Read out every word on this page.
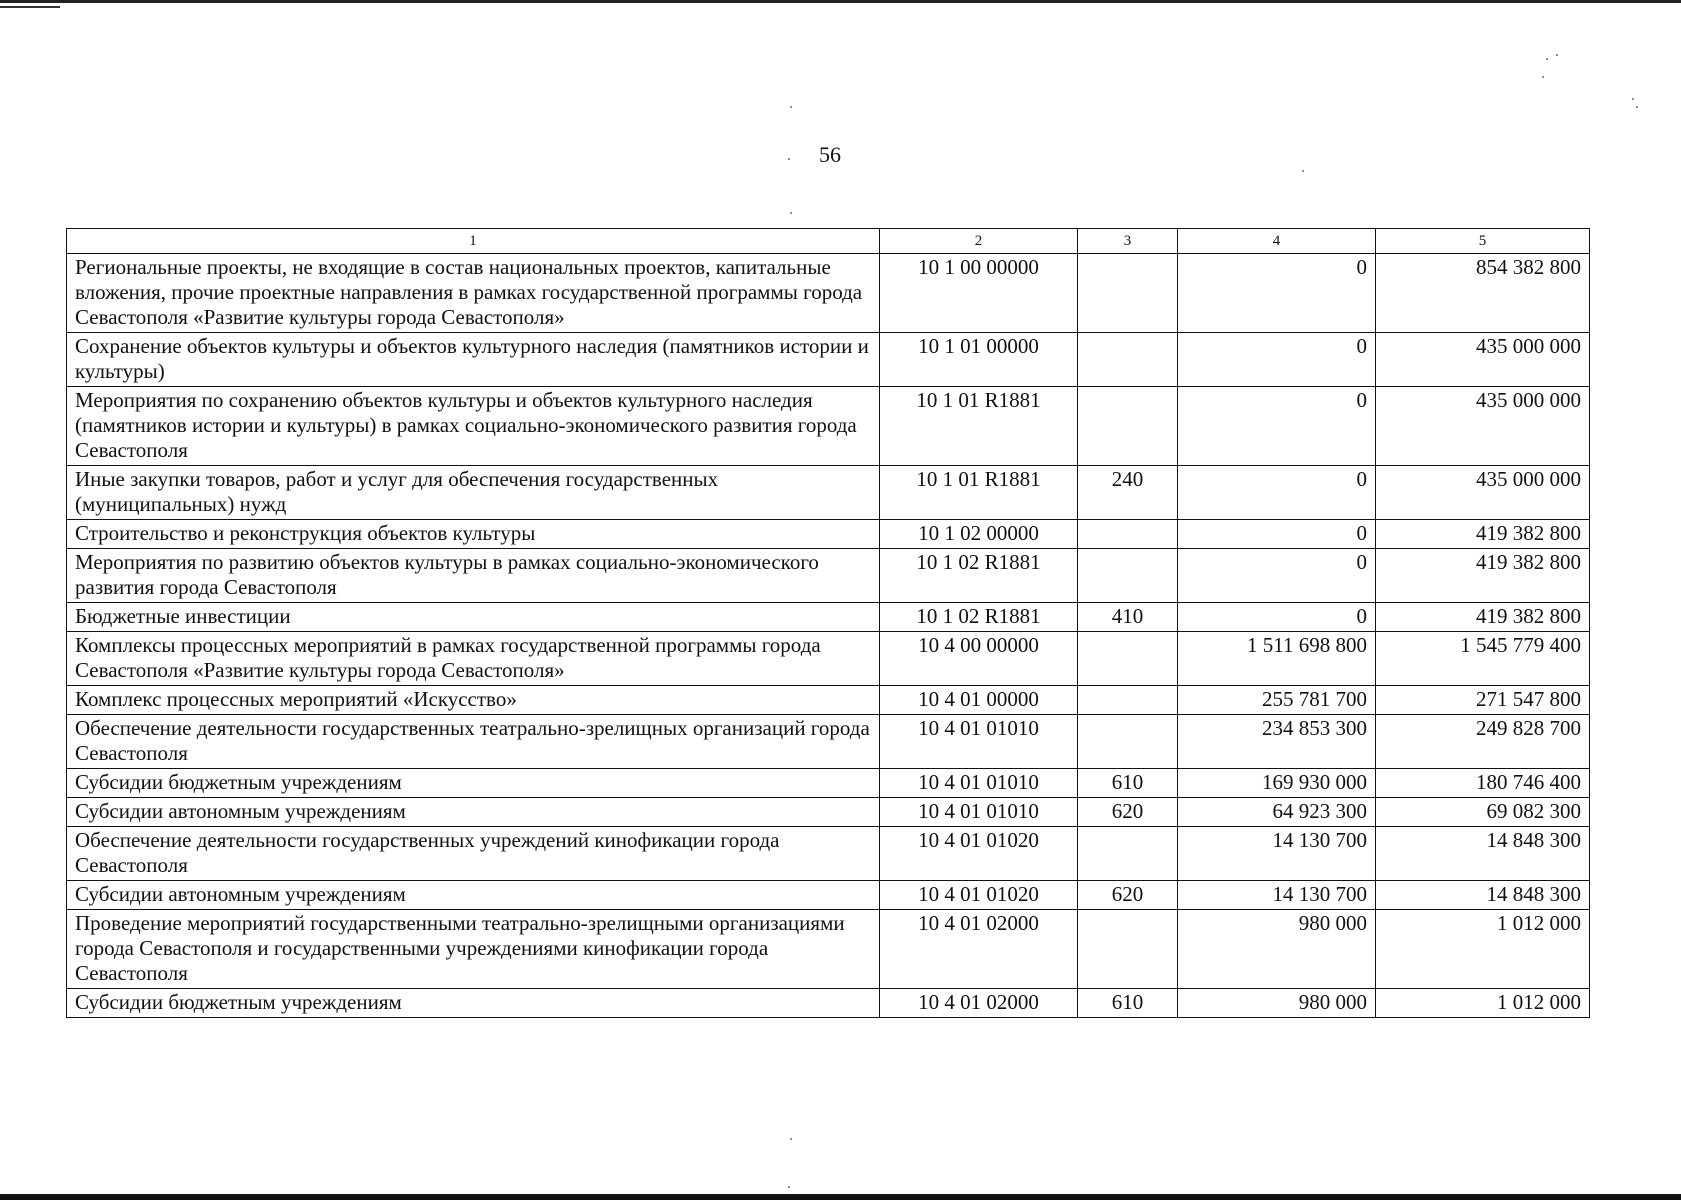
56
1	2	3	4	5
Региональные проекты, не входящие в состав национальных проектов, капитальные вложения, прочие проектные направления в рамках государственной программы города Севастополя «Развитие культуры города Севастополя»	10 1 00 00000		0	854 382 800
Сохранение объектов культуры и объектов культурного наследия (памятников истории и культуры)	10 1 01 00000		0	435 000 000
Мероприятия по сохранению объектов культуры и объектов культурного наследия (памятников истории и культуры) в рамках социально-экономического развития города Севастополя	10 1 01 R1881		0	435 000 000
Иные закупки товаров, работ и услуг для обеспечения государственных (муниципальных) нужд	10 1 01 R1881	240	0	435 000 000
Строительство и реконструкция объектов культуры	10 1 02 00000		0	419 382 800
Мероприятия по развитию объектов культуры в рамках социально-экономического развития города Севастополя	10 1 02 R1881		0	419 382 800
Бюджетные инвестиции	10 1 02 R1881	410	0	419 382 800
Комплексы процессных мероприятий в рамках государственной программы города Севастополя «Развитие культуры города Севастополя»	10 4 00 00000		1 511 698 800	1 545 779 400
Комплекс процессных мероприятий «Искусство»	10 4 01 00000		255 781 700	271 547 800
Обеспечение деятельности государственных театрально-зрелищных организаций города Севастополя	10 4 01 01010		234 853 300	249 828 700
Субсидии бюджетным учреждениям	10 4 01 01010	610	169 930 000	180 746 400
Субсидии автономным учреждениям	10 4 01 01010	620	64 923 300	69 082 300
Обеспечение деятельности государственных учреждений кинофикации города Севастополя	10 4 01 01020		14 130 700	14 848 300
Субсидии автономным учреждениям	10 4 01 01020	620	14 130 700	14 848 300
Проведение мероприятий государственными театрально-зрелищными организациями города Севастополя и государственными учреждениями кинофикации города Севастополя	10 4 01 02000		980 000	1 012 000
Субсидии бюджетным учреждениям	10 4 01 02000	610	980 000	1 012 000
